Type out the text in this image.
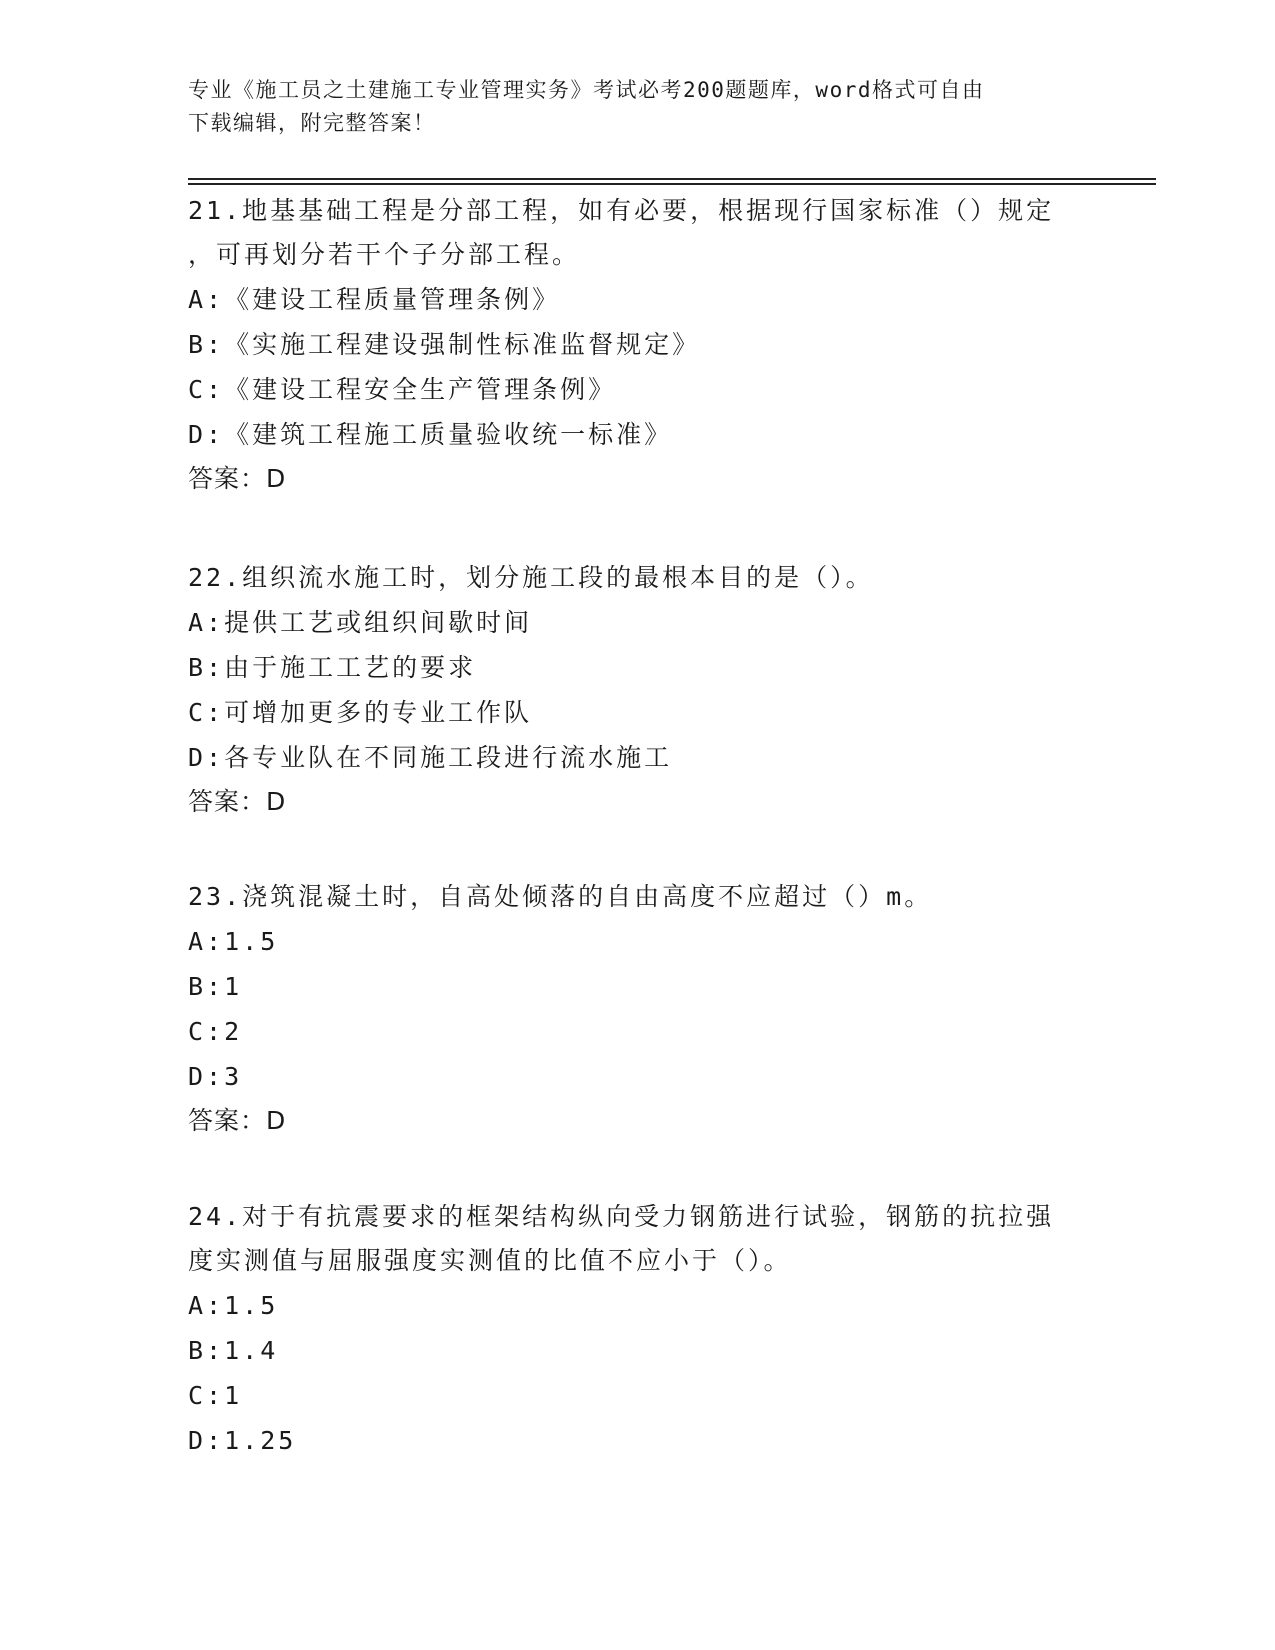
专业《施工员之土建施工专业管理实务》考试必考200题题库，word格式可自由
下载编辑，附完整答案！

21.地基基础工程是分部工程，如有必要，根据现行国家标准（）规定

，可再划分若干个子分部工程。

A:《建设工程质量管理条例》

B:《实施工程建设强制性标准监督规定》

C:《建设工程安全生产管理条例》

D:《建筑工程施工质量验收统一标准》

答案：D

22.组织流水施工时，划分施工段的最根本目的是（）。

A:提供工艺或组织间歇时间

B:由于施工工艺的要求

C:可增加更多的专业工作队

D:各专业队在不同施工段进行流水施工

答案：D

23.浇筑混凝土时，自高处倾落的自由高度不应超过（）m。

A:1.5

B:1

C:2

D:3

答案：D

24.对于有抗震要求的框架结构纵向受力钢筋进行试验，钢筋的抗拉强

度实测值与屈服强度实测值的比值不应小于（）。

A:1.5

B:1.4

C:1

D:1.25
